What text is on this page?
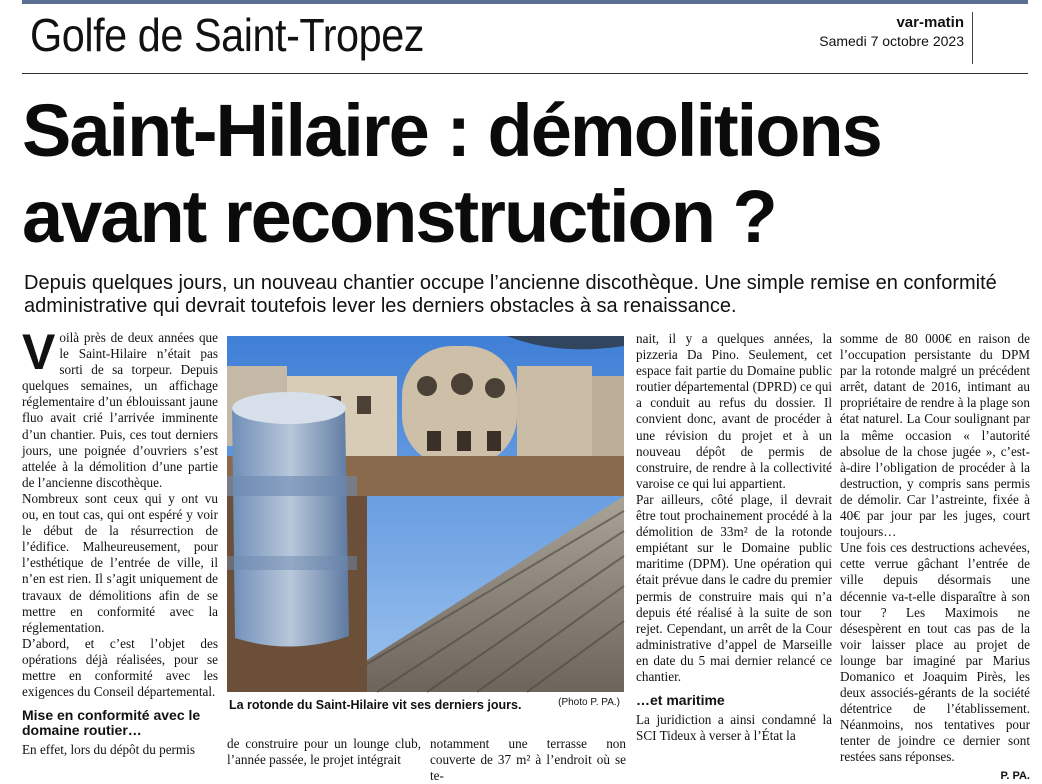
Golfe de Saint-Tropez	var-matin
Samedi 7 octobre 2023
Saint-Hilaire : démolitions
avant reconstruction ?
Depuis quelques jours, un nouveau chantier occupe l’ancienne discothèque. Une simple remise en conformité administrative qui devrait toutefois lever les derniers obstacles à sa renaissance.
V oilà près de deux années que le Saint-Hilaire n’était pas sorti de sa torpeur. Depuis quelques semaines, un affichage réglementaire d’un éblouissant jaune fluo avait crié l’arrivée imminente d’un chantier. Puis, ces tout derniers jours, une poignée d’ouvriers s’est attelée à la démolition d’une partie de l’ancienne discothèque.

Nombreux sont ceux qui y ont vu ou, en tout cas, qui ont espéré y voir le début de la résurrection de l’édifice. Malheureusement, pour l’esthétique de l’entrée de ville, il n’en est rien. Il s’agit uniquement de travaux de démolitions afin de se mettre en conformité avec la réglementation.

D’abord, et c’est l’objet des opérations déjà réalisées, pour se mettre en conformité avec les exigences du Conseil départemental.

Mise en conformité avec le domaine routier…

En effet, lors du dépôt du permis

La rotonde du Saint-Hilaire vit ses derniers jours.	(Photo P. PA.)

de construire pour un lounge club, l’année passée, le projet intégrait

notamment une terrasse non couverte de 37 m² à l’endroit où se te-

nait, il y a quelques années, la pizzeria Da Pino. Seulement, cet espace fait partie du Domaine public routier départemental (DPRD) ce qui a conduit au refus du dossier. Il convient donc, avant de procéder à une révision du projet et à un nouveau dépôt de permis de construire, de rendre à la collectivité varoise ce qui lui appartient.

Par ailleurs, côté plage, il devrait être tout prochainement procédé à la démolition de 33m² de la rotonde empiétant sur le Domaine public maritime (DPM). Une opération qui était prévue dans le cadre du premier permis de construire mais qui n’a depuis été réalisé à la suite de son rejet. Cependant, un arrêt de la Cour administrative d’appel de Marseille en date du 5 mai dernier relancé ce chantier.

…et maritime

La juridiction a ainsi condamné la SCI Tideux à verser à l’État la

somme de 80 000€ en raison de l’occupation persistante du DPM par la rotonde malgré un précédent arrêt, datant de 2016, intimant au propriétaire de rendre à la plage son état naturel. La Cour soulignant par la même occasion « l’autorité absolue de la chose jugée », c’est-à-dire l’obligation de procéder à la destruction, y compris sans permis de démolir. Car l’astreinte, fixée à 40€ par jour par les juges, court toujours…

Une fois ces destructions achevées, cette verrue gâchant l’entrée de ville depuis désormais une décennie va-t-elle disparaître à son tour ? Les Maximois ne désespèrent en tout cas pas de la voir laisser place au projet de lounge bar imaginé par Marius Domanico et Joaquim Pirès, les deux associés-gérants de la société détentrice de l’établissement. Néanmoins, nos tentatives pour tenter de joindre ce dernier sont restées sans réponses.

P. PA.
